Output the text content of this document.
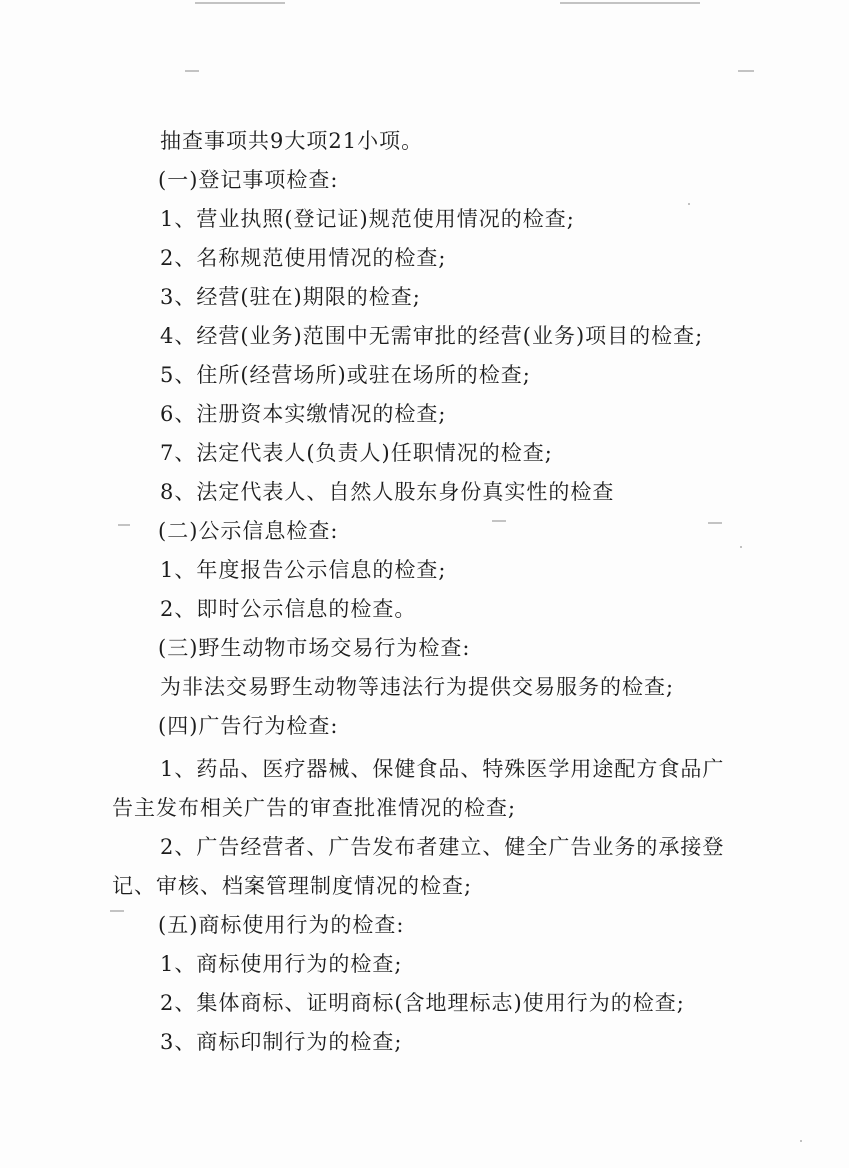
抽查事项共9大项21小项。
(一)登记事项检查:
1、营业执照(登记证)规范使用情况的检查;
2、名称规范使用情况的检查;
3、经营(驻在)期限的检查;
4、经营(业务)范围中无需审批的经营(业务)项目的检查;
5、住所(经营场所)或驻在场所的检查;
6、注册资本实缴情况的检查;
7、法定代表人(负责人)任职情况的检查;
8、法定代表人、自然人股东身份真实性的检查
(二)公示信息检查:
1、年度报告公示信息的检查;
2、即时公示信息的检查。
(三)野生动物市场交易行为检查:
为非法交易野生动物等违法行为提供交易服务的检查;
(四)广告行为检查:
1、药品、医疗器械、保健食品、特殊医学用途配方食品广
告主发布相关广告的审查批准情况的检查;
2、广告经营者、广告发布者建立、健全广告业务的承接登
记、审核、档案管理制度情况的检查;
(五)商标使用行为的检查:
1、商标使用行为的检查;
2、集体商标、证明商标(含地理标志)使用行为的检查;
3、商标印制行为的检查;
